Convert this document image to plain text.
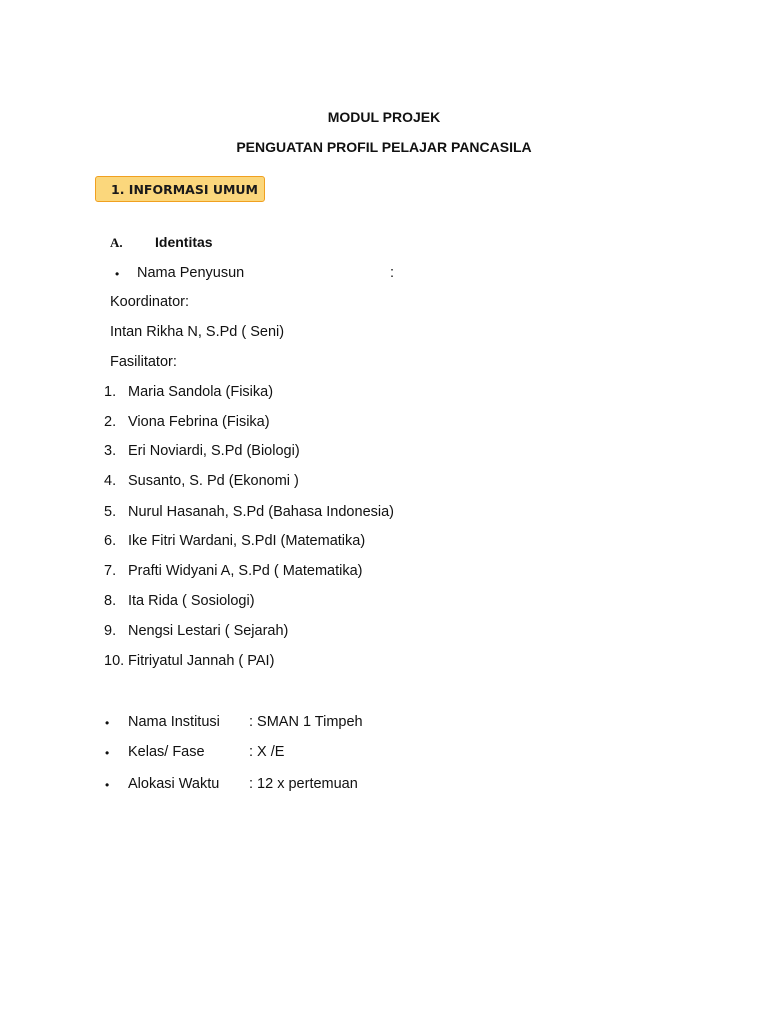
MODUL PROJEK
PENGUATAN PROFIL PELAJAR PANCASILA
1. INFORMASI UMUM
A. Identitas
• Nama Penyusun	:
Koordinator:
Intan Rikha N, S.Pd ( Seni)
Fasilitator:
1. Maria Sandola (Fisika)
2. Viona Febrina (Fisika)
3. Eri Noviardi, S.Pd (Biologi)
4. Susanto, S. Pd (Ekonomi )
5. Nurul Hasanah, S.Pd (Bahasa Indonesia)
6. Ike Fitri Wardani, S.PdI (Matematika)
7. Prafti Widyani A, S.Pd ( Matematika)
8. Ita Rida ( Sosiologi)
9. Nengsi Lestari ( Sejarah)
10. Fitriyatul Jannah ( PAI)
• Nama Institusi : SMAN 1 Timpeh
• Kelas/ Fase	: X /E
• Alokasi Waktu : 12 x pertemuan
